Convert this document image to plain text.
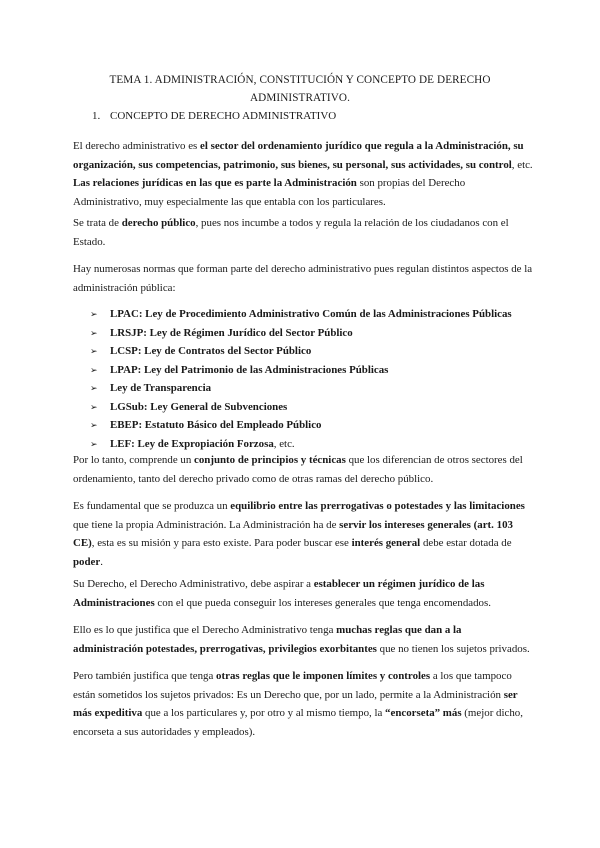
TEMA 1. ADMINISTRACIÓN, CONSTITUCIÓN Y CONCEPTO DE DERECHO
ADMINISTRATIVO.
1. CONCEPTO DE DERECHO ADMINISTRATIVO

El derecho administrativo es el sector del ordenamiento jurídico que regula a la Administración, su organización, sus competencias, patrimonio, sus bienes, su personal, sus actividades, su control, etc. Las relaciones jurídicas en las que es parte la Administración son propias del Derecho Administrativo, muy especialmente las que entabla con los particulares.

Se trata de derecho público, pues nos incumbe a todos y regula la relación de los ciudadanos con el Estado.

Hay numerosas normas que forman parte del derecho administrativo pues regulan distintos aspectos de la administración pública:

➢	LPAC: Ley de Procedimiento Administrativo Común de las Administraciones Públicas
➢	LRSJP: Ley de Régimen Jurídico del Sector Público
➢	LCSP: Ley de Contratos del Sector Público
➢	LPAP: Ley del Patrimonio de las Administraciones Públicas
➢	Ley de Transparencia
➢	LGSub: Ley General de Subvenciones
➢	EBEP: Estatuto Básico del Empleado Público
➢	LEF: Ley de Expropiación Forzosa , etc.

Por lo tanto, comprende un conjunto de principios y técnicas que los diferencian de otros sectores del ordenamiento, tanto del derecho privado como de otras ramas del derecho público.

Es fundamental que se produzca un equilibrio entre las prerrogativas o potestades y las limitaciones que tiene la propia Administración. La Administración ha de servir los intereses generales (art. 103 CE), esta es su misión y para esto existe. Para poder buscar ese interés general debe estar dotada de poder.

Su Derecho, el Derecho Administrativo, debe aspirar a establecer un régimen jurídico de las Administraciones con el que pueda conseguir los intereses generales que tenga encomendados.

Ello es lo que justifica que el Derecho Administrativo tenga muchas reglas que dan a la administración potestades, prerrogativas, privilegios exorbitantes que no tienen los sujetos privados.

Pero también justifica que tenga otras reglas que le imponen límites y controles a los que tampoco están sometidos los sujetos privados: Es un Derecho que, por un lado, permite a la Administración ser más expeditiva que a los particulares y, por otro y al mismo tiempo, la “encorseta” más (mejor dicho, encorseta a sus autoridades y empleados).
